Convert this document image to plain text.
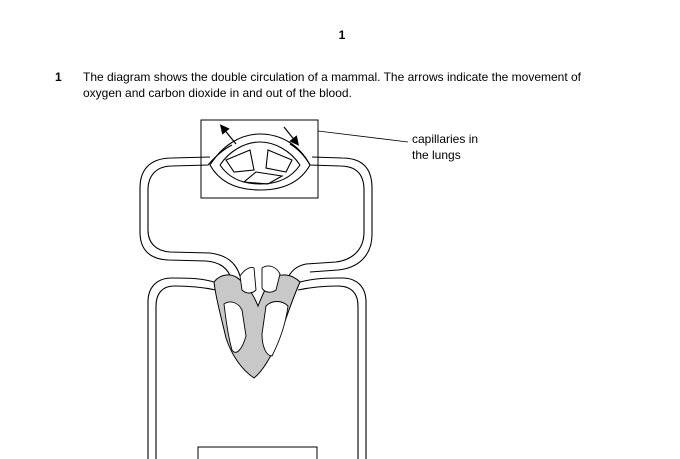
1
1 The diagram shows the double circulation of a mammal. The arrows indicate the movement of
oxygen and carbon dioxide in and out of the blood.
capillaries in
the lungs
